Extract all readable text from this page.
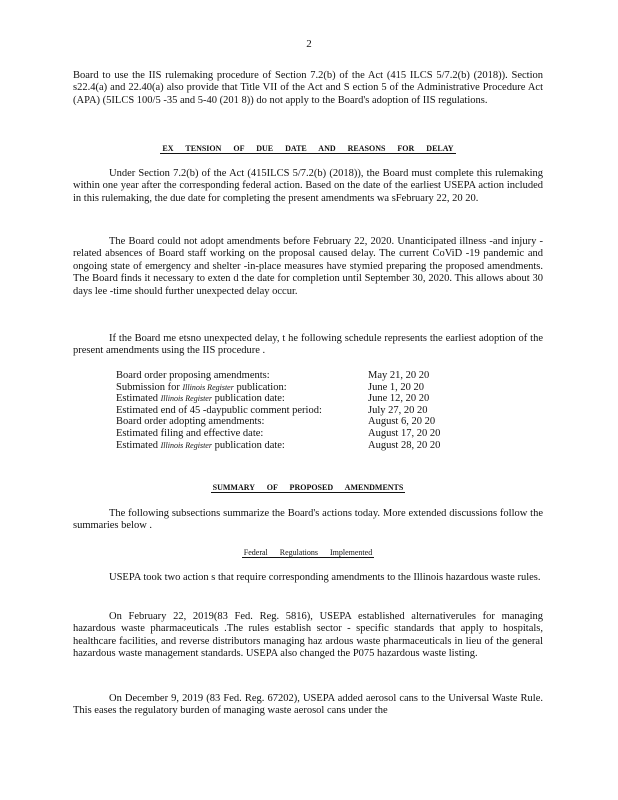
2

Board to use the IIS rulemaking procedure of Section 7.2(b) of the Act (415 ILCS 5/7.2(b) (2018)). Section s22.4(a) and 22.40(a) also provide that Title VII of the Act and S ection 5 of the Administrative Procedure Act (APA) (5ILCS 100/5 -35 and 5-40 (201 8)) do not apply to the Board's adoption of IIS regulations.

EX TENSION OF DUE DATE AND REASONS FOR DELAY

Under Section 7.2(b) of the Act (415ILCS 5/7.2(b) (2018)), the Board must complete this rulemaking within one year after the corresponding federal action. Based on the date of the earliest USEPA action included in this rulemaking, the due date for completing the present amendments wa sFebruary 22, 20 20.

The Board could not adopt amendments before February 22, 2020. Unanticipated illness -and injury -related absences of Board staff working on the proposal caused delay. The current CoViD -19 pandemic and ongoing state of emergency and shelter -in-place measures have stymied preparing the proposed amendments. The Board finds it necessary to exten d the date for completion until September 30, 2020. This allows about 30 days lee -time should further unexpected delay occur.

If the Board me etsno unexpected delay, t he following schedule represents the earliest adoption of the present amendments using the IIS procedure .

Board order proposing amendments:	May 21, 20 20
Submission for Illinois Register publication:	June 1, 20 20
Estimated Illinois Register publication date:	June 12, 20 20
Estimated end of 45 -daypublic comment period:	July 27, 20 20
Board order adopting amendments:	August 6, 20 20
Estimated filing and effective date:	August 17, 20 20
Estimated Illinois Register publication date:	August 28, 20 20
SUMMARY OF PROPOSED AMENDMENTS

The following subsections summarize the Board's actions today. More extended discussions follow the summaries below .

Federal Regulations Implemented

USEPA took two action s that require corresponding amendments to the Illinois hazardous waste rules.

On February 22, 2019(83 Fed. Reg. 5816), USEPA established alternativerules for managing hazardous waste pharmaceuticals .The rules establish sector - specific standards that apply to hospitals, healthcare facilities, and reverse distributors managing haz ardous waste pharmaceuticals in lieu of the general hazardous waste management standards. USEPA also changed the P075 hazardous waste listing.

On December 9, 2019 (83 Fed. Reg. 67202), USEPA added aerosol cans to the Universal Waste Rule. This eases the regulatory burden of managing waste aerosol cans under the
